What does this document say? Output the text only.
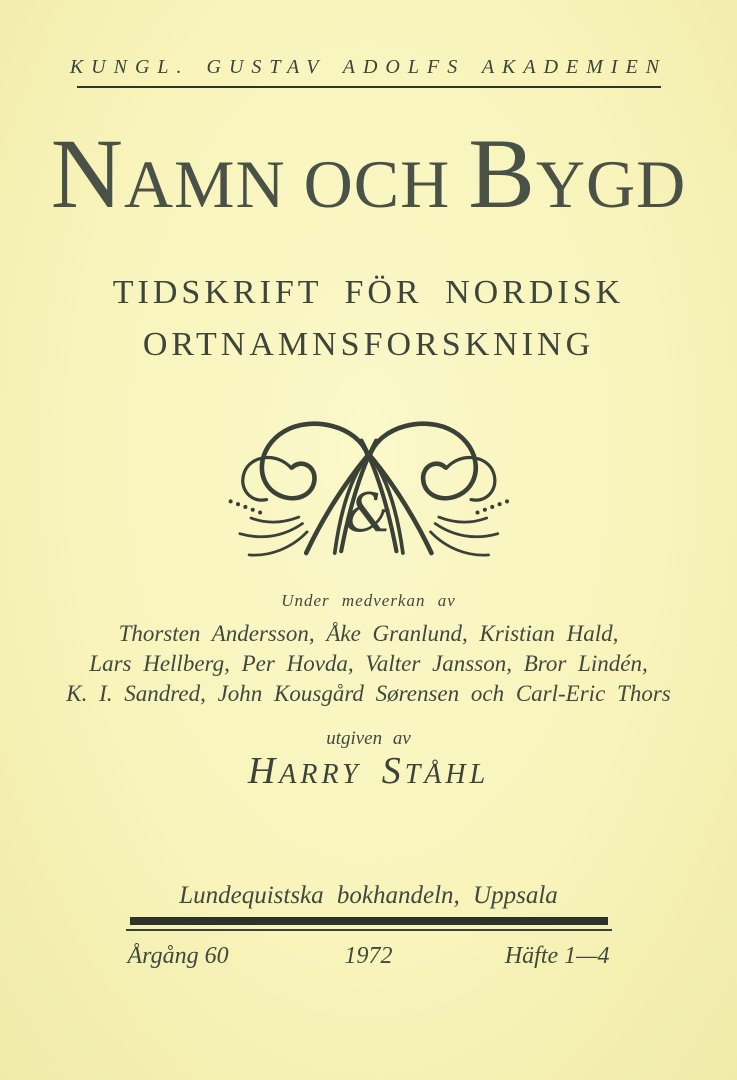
KUNGL. GUSTAV ADOLFS AKADEMIEN
NAMN OCH BYGD
TIDSKRIFT FÖR NORDISK
ORTNAMNSFORSKNING
&
Under medverkan av
Thorsten Andersson, Åke Granlund, Kristian Hald,
Lars Hellberg, Per Hovda, Valter Jansson, Bror Lindén,
K. I. Sandred, John Kousgård Sørensen och Carl-Eric Thors
utgiven av
HARRY STÅHL
Lundequistska bokhandeln, Uppsala
Årgång 60	1972	Häfte 1—4
